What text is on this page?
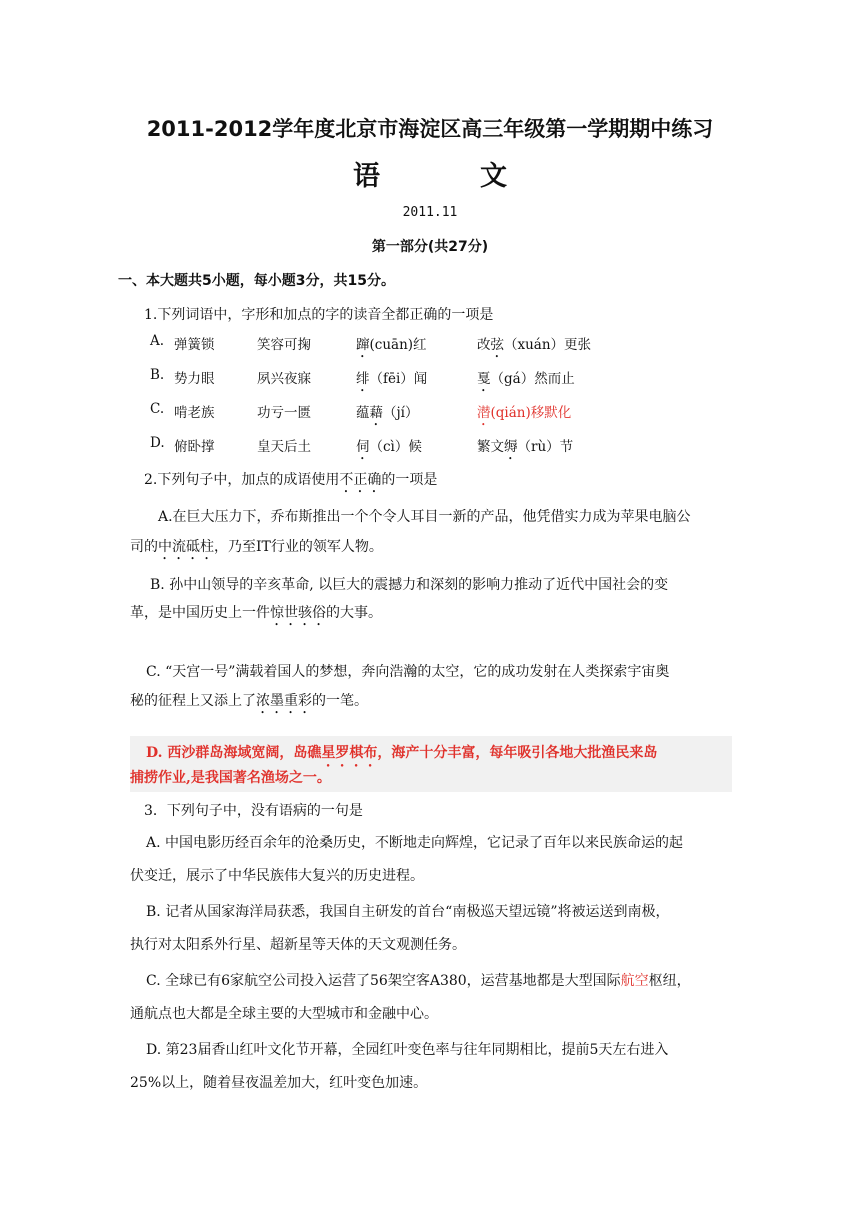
2011-2012学年度北京市海淀区高三年级第一学期期中练习
语	文
2011.11
第一部分(共27分)
一、本大题共5小题，每小题3分，共15分。
1.下列词语中，字形和加点的字的读音全都正确的一项是
A. 弹簧锁	笑容可掬	蹿(cuān)红	改弦（xuán）更张
B. 势力眼	夙兴夜寐	绯（fēi）闻	戛（gá）然而止
C. 啃老族	功亏一匮	蕴藉（jí）	潜(qián)移默化
D. 俯卧撑	皇天后土	伺（cì）候	繁文缛（rù）节
2.下列句子中，加点的成语使用不正确的一项是
A.在巨大压力下，乔布斯推出一个个令人耳目一新的产品，他凭借实力成为苹果电脑公
司的中流砥柱，乃至IT行业的领军人物。
B. 孙中山领导的辛亥革命, 以巨大的震撼力和深刻的影响力推动了近代中国社会的变
革，是中国历史上一件惊世骇俗的大事。
C. “天宫一号”满载着国人的梦想，奔向浩瀚的太空，它的成功发射在人类探索宇宙奥
秘的征程上又添上了浓墨重彩的一笔。
D. 西沙群岛海域宽阔，岛礁星罗棋布，海产十分丰富，每年吸引各地大批渔民来岛
捕捞作业,是我国著名渔场之一。
3．下列句子中，没有语病的一句是
A. 中国电影历经百余年的沧桑历史，不断地走向辉煌，它记录了百年以来民族命运的起
伏变迁，展示了中华民族伟大复兴的历史进程。
B. 记者从国家海洋局获悉，我国自主研发的首台“南极巡天望远镜”将被运送到南极，
执行对太阳系外行星、超新星等天体的天文观测任务。
C. 全球已有6家航空公司投入运营了56架空客A380，运营基地都是大型国际航空枢纽，
通航点也大都是全球主要的大型城市和金融中心。
D. 第23届香山红叶文化节开幕，全园红叶变色率与往年同期相比，提前5天左右进入
25%以上，随着昼夜温差加大，红叶变色加速。
